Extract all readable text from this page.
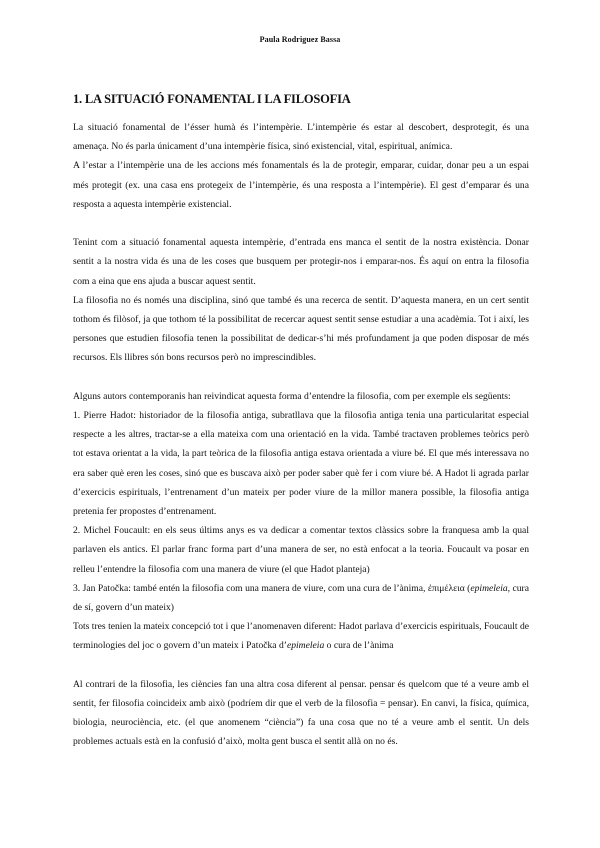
Paula Rodriguez Bassa
1. LA SITUACIÓ FONAMENTAL I LA FILOSOFIA

La situació fonamental de l’ésser humà és l’intempèrie. L’intempèrie és estar al descobert, desprotegit, és una amenaça. No és parla únicament d’una intempèrie física, sinó existencial, vital, espiritual, anímica.

A l’estar a l’intempèrie una de les accions més fonamentals és la de protegir, emparar, cuidar, donar peu a un espai més protegit (ex. una casa ens protegeix de l’intempèrie, és una resposta a l’intempèrie). El gest d’emparar és una resposta a aquesta intempèrie existencial.

Tenint com a situació fonamental aquesta intempèrie, d’entrada ens manca el sentit de la nostra existència. Donar sentit a la nostra vida és una de les coses que busquem per protegir-nos i emparar-nos. És aquí on entra la filosofia com a eina que ens ajuda a buscar aquest sentit.

La filosofia no és només una disciplina, sinó que també és una recerca de sentit. D’aquesta manera, en un cert sentit tothom és filòsof, ja que tothom té la possibilitat de recercar aquest sentit sense estudiar a una acadèmia. Tot i així, les persones que estudien filosofia tenen la possibilitat de dedicar-s’hi més profundament ja que poden disposar de més recursos. Els llibres són bons recursos però no imprescindibles.

Alguns autors contemporanis han reivindicat aquesta forma d’entendre la filosofia, com per exemple els següents:

1. Pierre Hadot: historiador de la filosofia antiga, subratllava que la filosofia antiga tenia una particularitat especial respecte a les altres, tractar-se a ella mateixa com una orientació en la vida. També tractaven problemes teòrics però tot estava orientat a la vida, la part teòrica de la filosofia antiga estava orientada a viure bé. El que més interessava no era saber què eren les coses, sinó que es buscava això per poder saber què fer i com viure bé. A Hadot li agrada parlar d’exercicis espirituals, l’entrenament d’un mateix per poder viure de la millor manera possible, la filosofia antiga pretenia fer propostes d’entrenament.

2. Michel Foucault: en els seus últims anys es va dedicar a comentar textos clàssics sobre la franquesa amb la qual parlaven els antics. El parlar franc forma part d’una manera de ser, no està enfocat a la teoria. Foucault va posar en relleu l’entendre la filosofia com una manera de viure (el que Hadot planteja)

3. Jan Patočka: també entén la filosofia com una manera de viure, com una cura de l’ànima, ἐπιμέλεια (epimeleia, cura de sí, govern d’un mateix)

Tots tres tenien la mateix concepció tot i que l’anomenaven diferent: Hadot parlava d’exercicis espirituals, Foucault de terminologies del joc o govern d’un mateix i Patočka d’epimeleia o cura de l’ànima

Al contrari de la filosofia, les ciències fan una altra cosa diferent al pensar. pensar és quelcom que té a veure amb el sentit, fer filosofia coincideix amb això (podríem dir que el verb de la filosofia = pensar). En canvi, la física, química, biologia, neurociència, etc. (el que anomenem “ciència”) fa una cosa que no té a veure amb el sentit. Un dels problemes actuals està en la confusió d’això, molta gent busca el sentit allà on no és.
